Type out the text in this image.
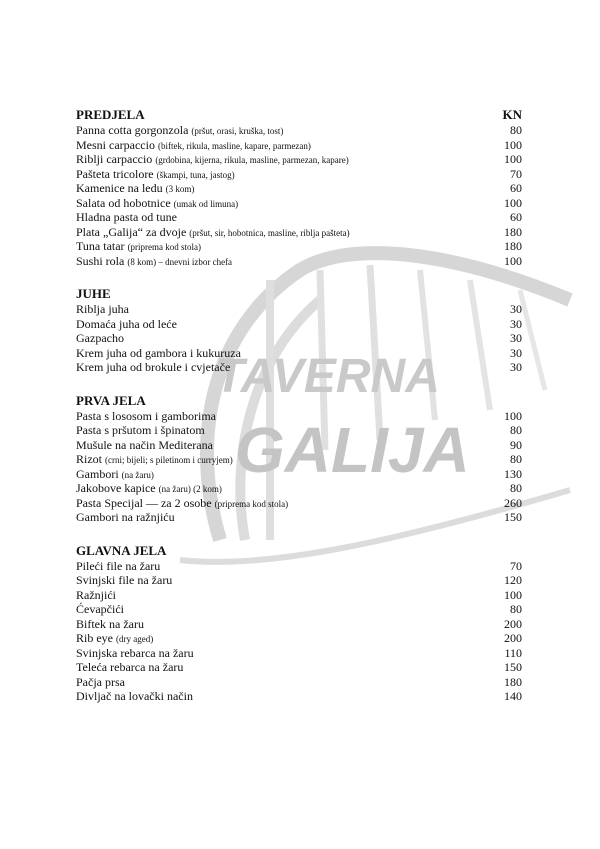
TAVERNA
GALIJA
PREDJELA	KN
Panna cotta gorgonzola (pršut, orasi, kruška, tost)	80
Mesni carpaccio (biftek, rikula, masline, kapare, parmezan)	100
Riblji carpaccio (grdobina, kijerna, rikula, masline, parmezan, kapare)	100
Pašteta tricolore (škampi, tuna, jastog)	70
Kamenice na ledu (3 kom)	60
Salata od hobotnice (umak od limuna)	100
Hladna pasta od tune	60
Plata „Galija“ za dvoje (pršut, sir, hobotnica, masline, riblja pašteta)	180
Tuna tatar (priprema kod stola)	180
Sushi rola (8 kom) – dnevni izbor chefa	100
JUHE
Riblja juha	30
Domaća juha od leće	30
Gazpacho	30
Krem juha od gambora i kukuruza	30
Krem juha od brokule i cvjetače	30
PRVA JELA
Pasta s lososom i gamborima	100
Pasta s pršutom i špinatom	80
Mušule na način Mediterana	90
Rizot (crni; bijeli; s piletinom i curryjem)	80
Gambori (na žaru)	130
Jakobove kapice (na žaru) (2 kom)	80
Pasta Specijal — za 2 osobe (priprema kod stola)	260
Gambori na ražnjiću	150
GLAVNA JELA
Pileći file na žaru	70
Svinjski file na žaru	120
Ražnjići	100
Ćevapčići	80
Biftek na žaru	200
Rib eye (dry aged)	200
Svinjska rebarca na žaru	110
Teleća rebarca na žaru	150
Pačja prsa	180
Divljač na lovački način	140
